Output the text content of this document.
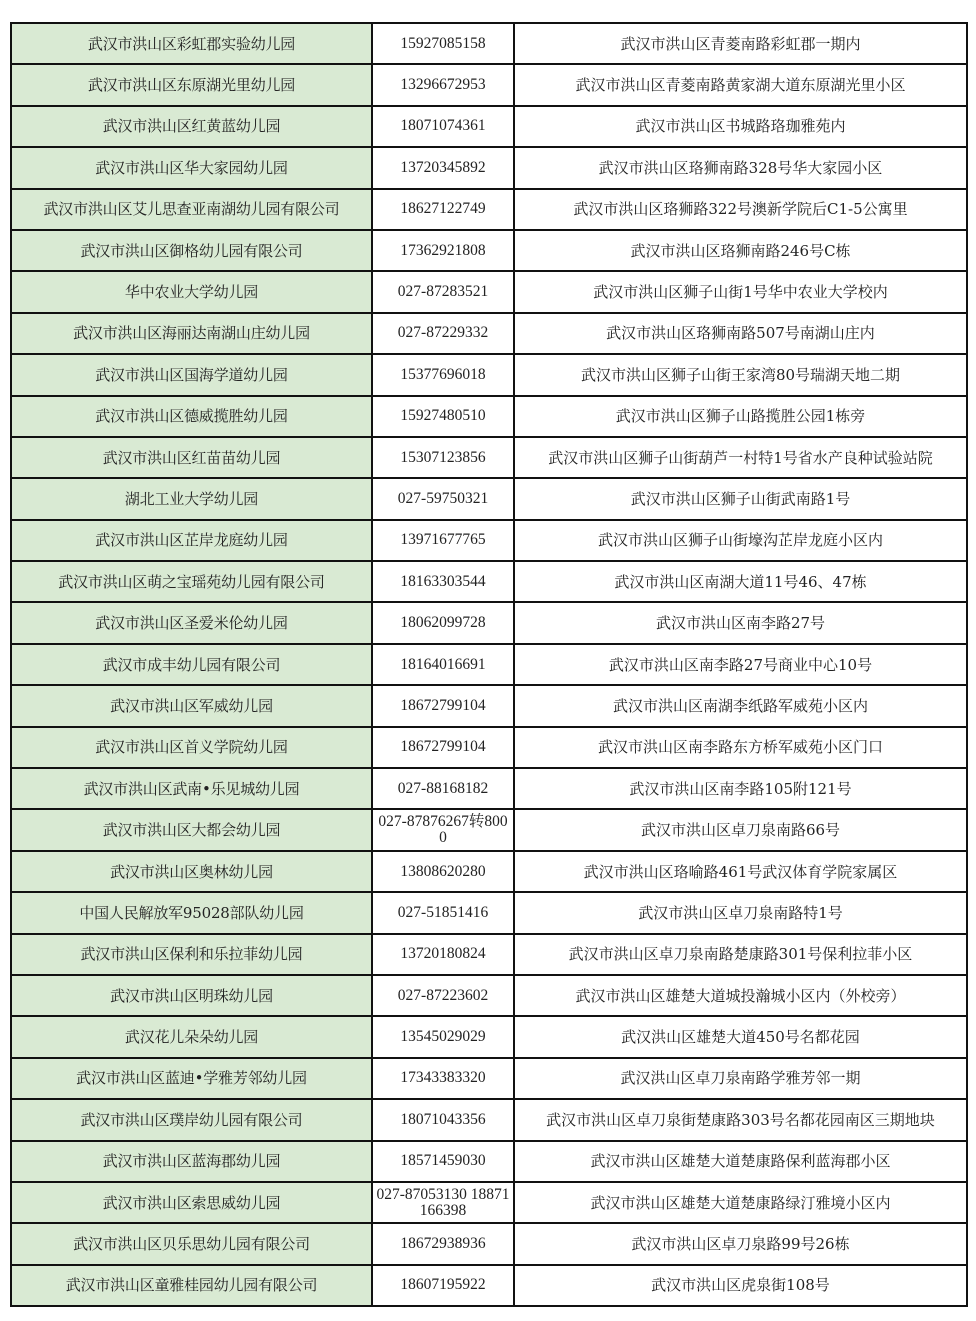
武汉市洪山区彩虹郡实验幼儿园	15927085158	武汉市洪山区青菱南路彩虹郡一期内

武汉市洪山区东原湖光里幼儿园	13296672953	武汉市洪山区青菱南路黄家湖大道东原湖光里小区

武汉市洪山区红黄蓝幼儿园	18071074361	武汉市洪山区书城路珞珈雅苑内

武汉市洪山区华大家园幼儿园	13720345892	武汉市洪山区珞狮南路328号华大家园小区

武汉市洪山区艾儿思查亚南湖幼儿园有限公司	18627122749	武汉市洪山区珞狮路322号澳新学院后C1-5公寓里

武汉市洪山区御格幼儿园有限公司	17362921808	武汉市洪山区珞狮南路246号C栋

华中农业大学幼儿园	027-87283521	武汉市洪山区狮子山街1号华中农业大学校内

武汉市洪山区海丽达南湖山庄幼儿园	027-87229332	武汉市洪山区珞狮南路507号南湖山庄内

武汉市洪山区国海学道幼儿园	15377696018	武汉市洪山区狮子山街王家湾80号瑞湖天地二期

武汉市洪山区德威揽胜幼儿园	15927480510	武汉市洪山区狮子山路揽胜公园1栋旁

武汉市洪山区红苗苗幼儿园	15307123856	武汉市洪山区狮子山街葫芦一村特1号省水产良种试验站院

湖北工业大学幼儿园	027-59750321	武汉市洪山区狮子山街武南路1号

武汉市洪山区芷岸龙庭幼儿园	13971677765	武汉市洪山区狮子山街壕沟芷岸龙庭小区内

武汉市洪山区萌之宝瑶苑幼儿园有限公司	18163303544	武汉市洪山区南湖大道11号46、47栋

武汉市洪山区圣爱米伦幼儿园	18062099728	武汉市洪山区南李路27号

武汉市成丰幼儿园有限公司	18164016691	武汉市洪山区南李路27号商业中心10号

武汉市洪山区军威幼儿园	18672799104	武汉市洪山区南湖李纸路军威苑小区内

武汉市洪山区首义学院幼儿园	18672799104	武汉市洪山区南李路东方桥军威苑小区门口

武汉市洪山区武南•乐见城幼儿园	027-88168182	武汉市洪山区南李路105附121号

武汉市洪山区大都会幼儿园	027-87876267转8000	武汉市洪山区卓刀泉南路66号

武汉市洪山区奥林幼儿园	13808620280	武汉市洪山区珞喻路461号武汉体育学院家属区

中国人民解放军95028部队幼儿园	027-51851416	武汉市洪山区卓刀泉南路特1号

武汉市洪山区保利和乐拉菲幼儿园	13720180824	武汉市洪山区卓刀泉南路楚康路301号保利拉菲小区

武汉市洪山区明珠幼儿园	027-87223602	武汉市洪山区雄楚大道城投瀚城小区内（外校旁）

武汉花儿朵朵幼儿园	13545029029	武汉洪山区雄楚大道450号名都花园

武汉市洪山区蓝迪•学雅芳邻幼儿园	17343383320	武汉洪山区卓刀泉南路学雅芳邻一期

武汉市洪山区璞岸幼儿园有限公司	18071043356	武汉市洪山区卓刀泉街楚康路303号名都花园南区三期地块

武汉市洪山区蓝海郡幼儿园	18571459030	武汉市洪山区雄楚大道楚康路保利蓝海郡小区

武汉市洪山区索思威幼儿园	027-87053130 18871166398	武汉市洪山区雄楚大道楚康路绿汀雅境小区内

武汉市洪山区贝乐思幼儿园有限公司	18672938936	武汉市洪山区卓刀泉路99号26栋

武汉市洪山区童雅桂园幼儿园有限公司	18607195922	武汉市洪山区虎泉街108号
